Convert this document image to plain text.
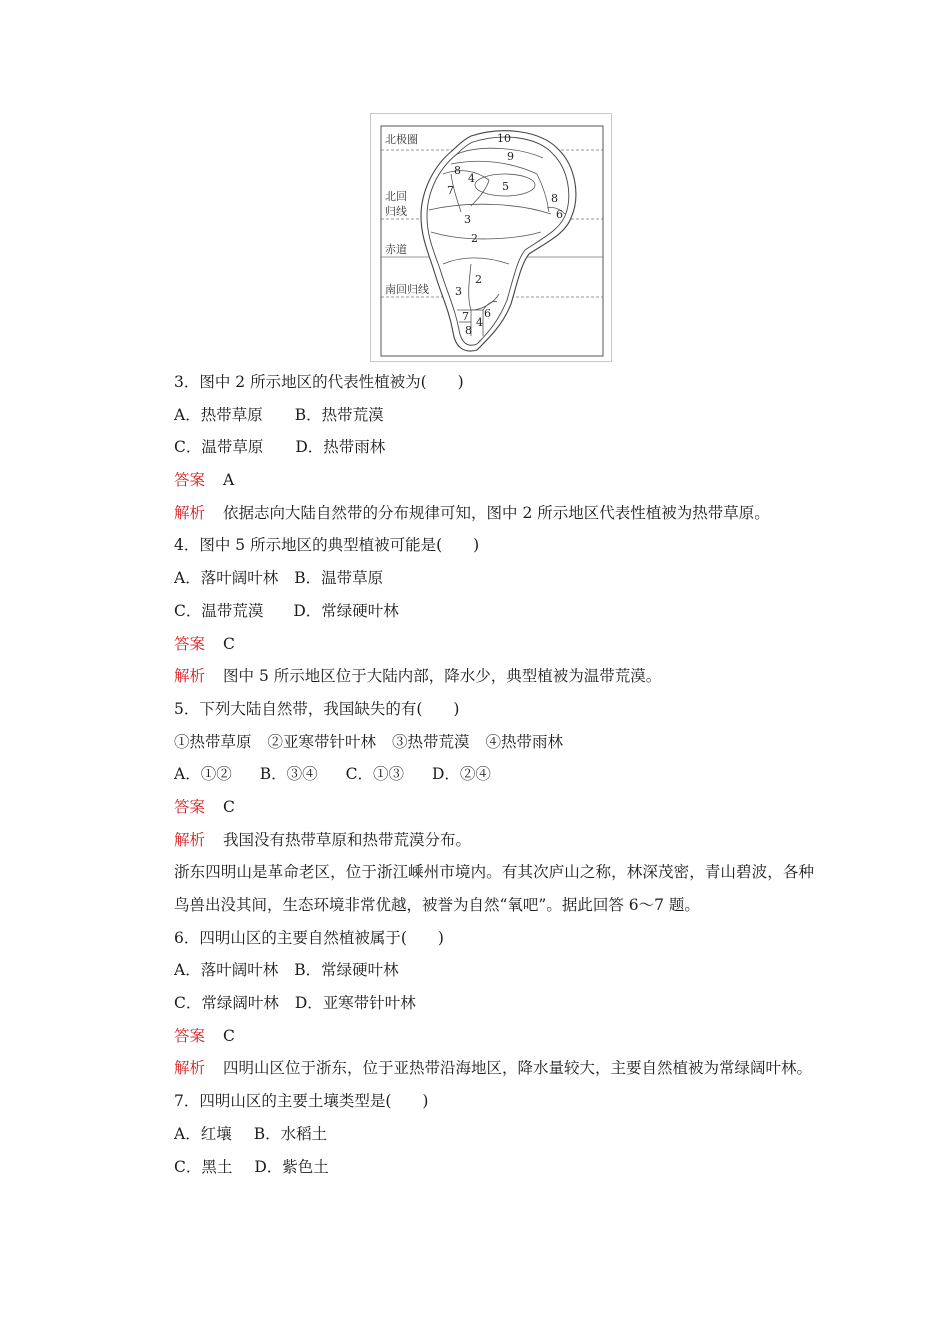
北极圈
北回
归线
赤道
南回归线
10
9
8
4
7	5
8
6
3
2
2
3
7 6
4
8
3．图中 2 所示地区的代表性植被为(　　)
A．热带草原 B．热带荒漠
C．温带草原 D．热带雨林
答案 A
解析 依据志向大陆自然带的分布规律可知，图中 2 所示地区代表性植被为热带草原。
4．图中 5 所示地区的典型植被可能是(　　)
A．落叶阔叶林 B．温带草原
C．温带荒漠 D．常绿硬叶林
答案 C
解析 图中 5 所示地区位于大陆内部，降水少，典型植被为温带荒漠。
5．下列大陆自然带，我国缺失的有(　　)
①热带草原 ②亚寒带针叶林 ③热带荒漠 ④热带雨林
A．①② B．③④ C．①③ D．②④
答案 C
解析 我国没有热带草原和热带荒漠分布。
浙东四明山是革命老区，位于浙江嵊州市境内。有其次庐山之称，林深茂密，青山碧波，各种鸟兽出没其间，生态环境非常优越，被誉为自然“氧吧”。据此回答 6～7 题。
6．四明山区的主要自然植被属于(　　)
A．落叶阔叶林 B．常绿硬叶林
C．常绿阔叶林 D．亚寒带针叶林
答案 C
解析 四明山区位于浙东，位于亚热带沿海地区，降水量较大，主要自然植被为常绿阔叶林。
7．四明山区的主要土壤类型是(　　)
A．红壤 B．水稻土
C．黑土 D．紫色土
